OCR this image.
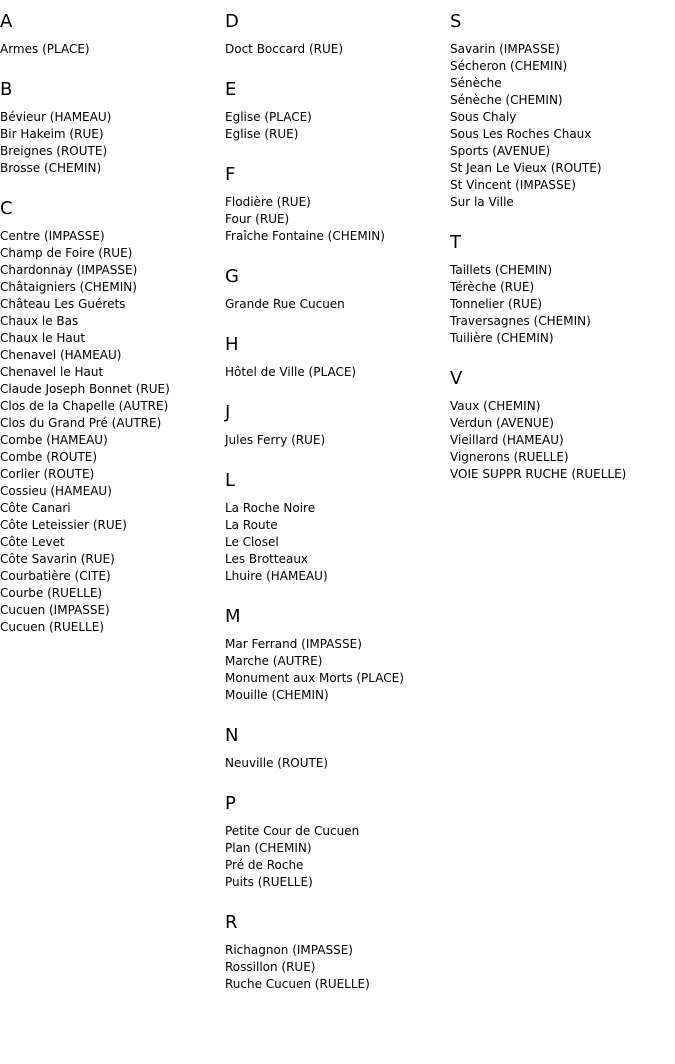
A
Armes (PLACE)
B
Bévieur (HAMEAU)
Bir Hakeim (RUE)
Breignes (ROUTE)
Brosse (CHEMIN)
C
Centre (IMPASSE)
Champ de Foire (RUE)
Chardonnay (IMPASSE)
Châtaigniers (CHEMIN)
Château Les Guérets
Chaux le Bas
Chaux le Haut
Chenavel (HAMEAU)
Chenavel le Haut
Claude Joseph Bonnet (RUE)
Clos de la Chapelle (AUTRE)
Clos du Grand Pré (AUTRE)
Combe (HAMEAU)
Combe (ROUTE)
Corlier (ROUTE)
Cossieu (HAMEAU)
Côte Canari
Côte Leteissier (RUE)
Côte Levet
Côte Savarin (RUE)
Courbatière (CITE)
Courbe (RUELLE)
Cucuen (IMPASSE)
Cucuen (RUELLE)
D
Doct Boccard (RUE)
E
Eglise (PLACE)
Eglise (RUE)
F
Flodière (RUE)
Four (RUE)
Fraîche Fontaine (CHEMIN)
G
Grande Rue Cucuen
H
Hôtel de Ville (PLACE)
J
Jules Ferry (RUE)
L
La Roche Noire
La Route
Le Closel
Les Brotteaux
Lhuire (HAMEAU)
M
Mar Ferrand (IMPASSE)
Marche (AUTRE)
Monument aux Morts (PLACE)
Mouille (CHEMIN)
N
Neuville (ROUTE)
P
Petite Cour de Cucuen
Plan (CHEMIN)
Pré de Roche
Puits (RUELLE)
R
Richagnon (IMPASSE)
Rossillon (RUE)
Ruche Cucuen (RUELLE)
S
Savarin (IMPASSE)
Sécheron (CHEMIN)
Sénèche
Sénèche (CHEMIN)
Sous Chaly
Sous Les Roches Chaux
Sports (AVENUE)
St Jean Le Vieux (ROUTE)
St Vincent (IMPASSE)
Sur la Ville
T
Taillets (CHEMIN)
Térèche (RUE)
Tonnelier (RUE)
Traversagnes (CHEMIN)
Tuilière (CHEMIN)
V
Vaux (CHEMIN)
Verdun (AVENUE)
Vieillard (HAMEAU)
Vignerons (RUELLE)
VOIE SUPPR RUCHE (RUELLE)
